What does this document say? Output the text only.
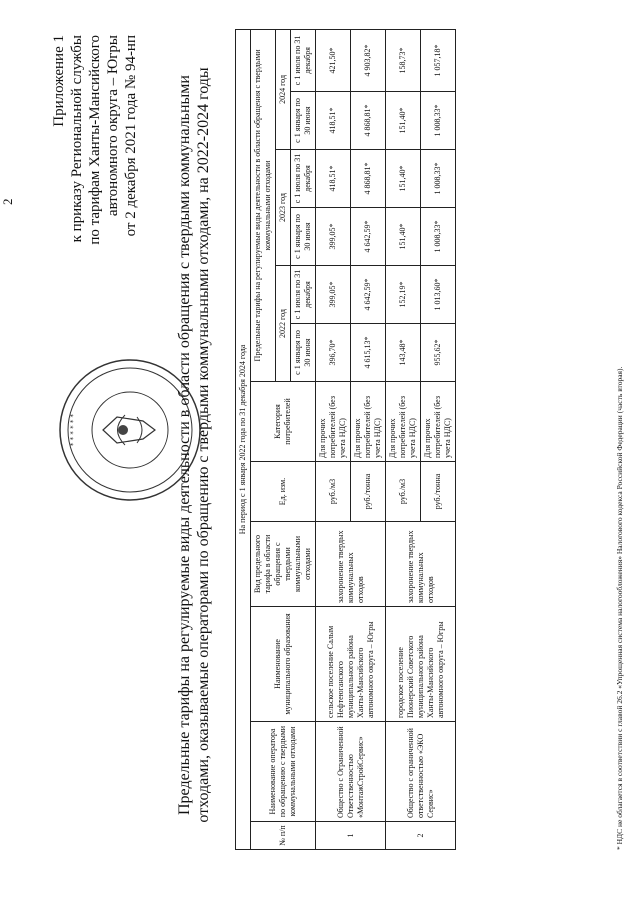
2
* * * * * *
Приложение 1 к приказу Региональной службы по тарифам Ханты-Мансийского автономного округа – Югры от 2 декабря 2021 года № 94-нп Предельные тарифы на регулируемые виды деятельности в области обращения с твердыми коммунальными отходами, оказываемые операторами по обращению с твердыми коммунальными отходами, на 2022-2024 годы	На период с 1 января 2022 года по 31 декабря 2024 года											
№ п/п	Наименование оператора по обращению с твердыми коммунальными отходами	Наименование муниципального образования	Вид предельного тарифа в области обращения с твердыми коммунальными отходами	Ед. изм.	Категория потребителей	Предельные тарифы на регулируемые виды деятельности в области обращения с твердыми коммунальными отходами					
						2022 год		2023 год		2024 год	
						с 1 января по 30 июня	с 1 июля по 31 декабря	с 1 января по 30 июня	с 1 июля по 31 декабря	с 1 января по 30 июня	с 1 июля по 31 декабря
1	Общество с Ограниченной Ответственностью «МонтажСтройСервис»	сельское поселение Салым Нефтеюганского муниципального района Ханты-Мансийского автономного округа – Югры	захоронение твердых коммунальных отходов	руб./м3	Для прочих потребителей (без учета НДС)	396,70*	399,05*	399,05*	418,51*	418,51*	421,50*
				руб./тонна	Для прочих потребителей (без учета НДС)	4 615,13*	4 642,59*	4 642,59*	4 868,81*	4 868,81*	4 903,82*
2	Общество с ограниченной ответственностью «ЭКО Сервис»	городское поселение Пионерский Советского муниципального района Ханты-Мансийского автономного округа – Югры	захоронение твердых коммунальных отходов	руб./м3	Для прочих потребителей (без учета НДС)	143,48*	152,19*	151,40*	151,40*	151,40*	158,73*
				руб./тонна	Для прочих потребителей (без учета НДС)	955,62*	1 013,60*	1 008,33*	1 008,33*	1 008,33*	1 057,18*
* НДС не облагается в соответствии с главой 26.2 «Упрощенная система налогообложения» Налогового кодекса Российской Федерации (часть вторая).
